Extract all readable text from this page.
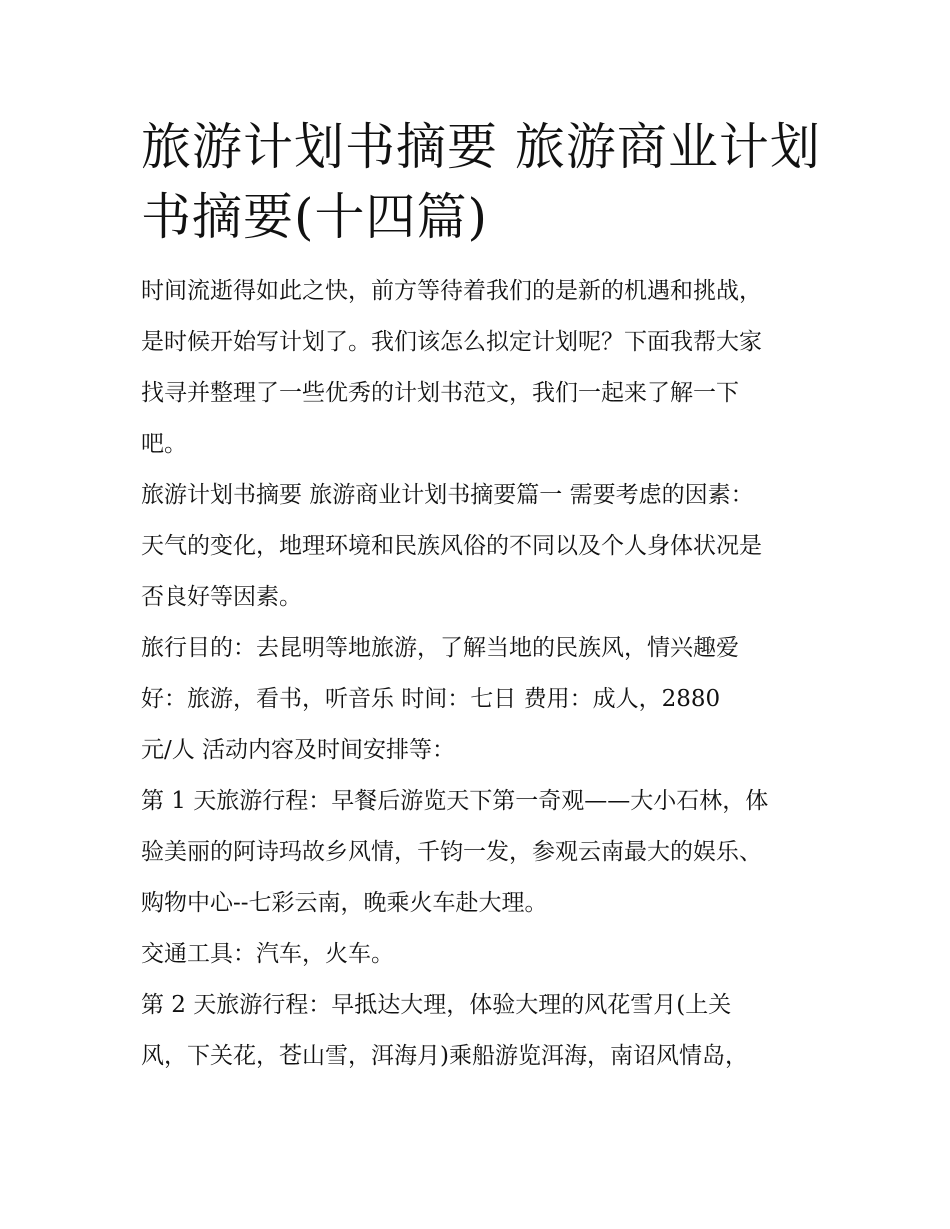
旅游计划书摘要 旅游商业计划
书摘要(十四篇)

时间流逝得如此之快，前方等待着我们的是新的机遇和挑战，
是时候开始写计划了。我们该怎么拟定计划呢？下面我帮大家
找寻并整理了一些优秀的计划书范文，我们一起来了解一下
吧。

旅游计划书摘要 旅游商业计划书摘要篇一 需要考虑的因素：
天气的变化，地理环境和民族风俗的不同以及个人身体状况是
否良好等因素。

旅行目的：去昆明等地旅游，了解当地的民族风，情兴趣爱
好：旅游，看书，听音乐 时间：七日 费用：成人，2880
元/人 活动内容及时间安排等：

第 1 天旅游行程：早餐后游览天下第一奇观——大小石林，体
验美丽的阿诗玛故乡风情，千钧一发，参观云南最大的娱乐、
购物中心--七彩云南，晚乘火车赴大理。

交通工具：汽车，火车。

第 2 天旅游行程：早抵达大理，体验大理的风花雪月(上关
风，下关花，苍山雪，洱海月)乘船游览洱海，南诏风情岛，
